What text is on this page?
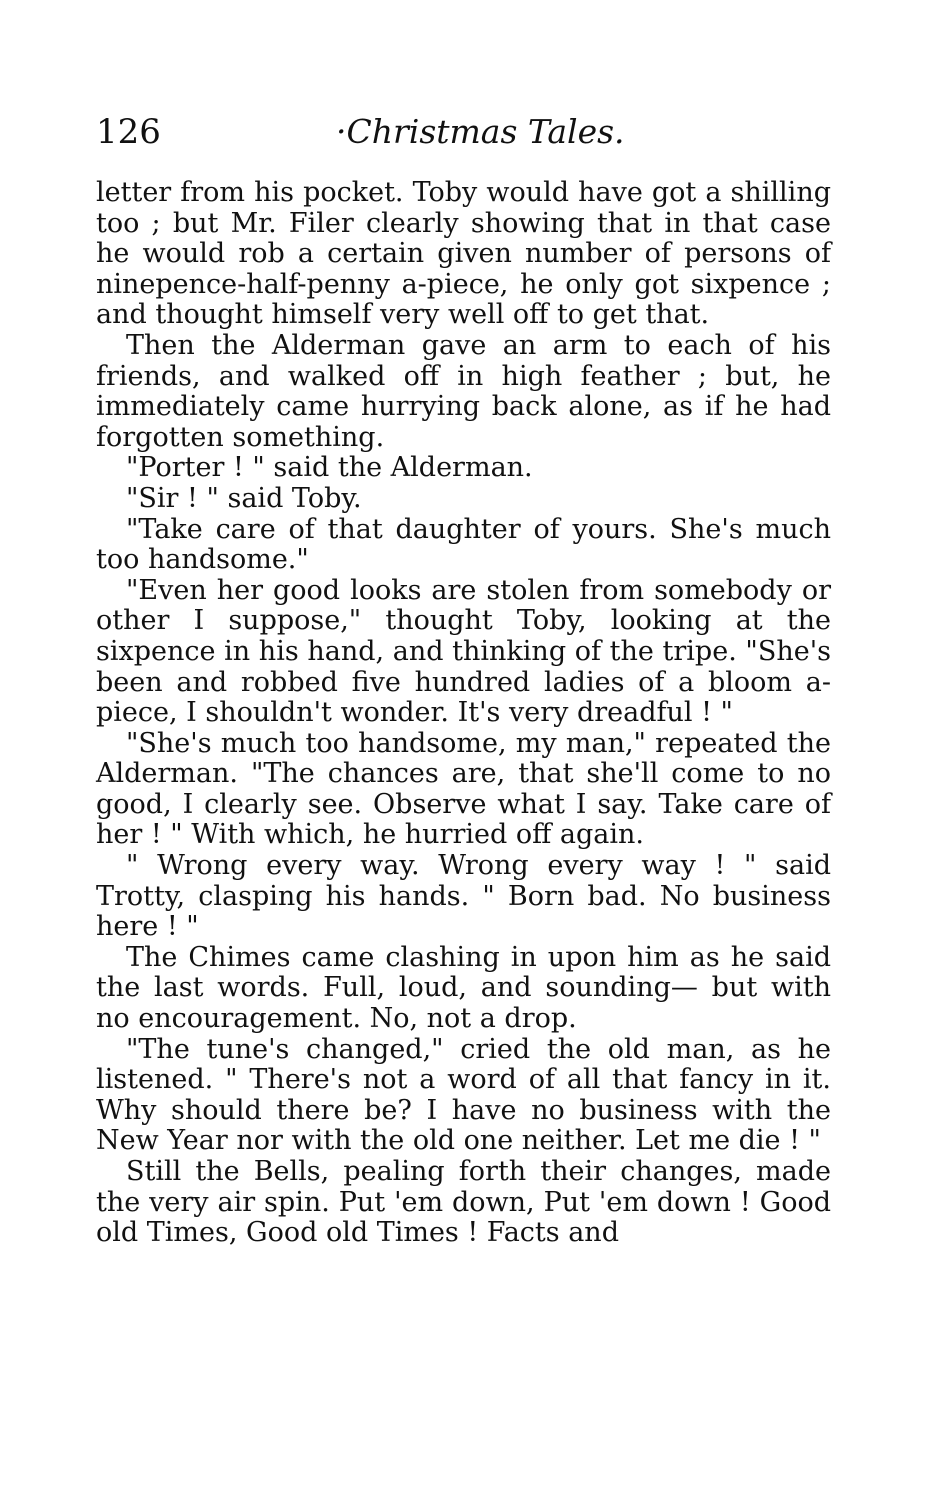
126	·Christmas Tales.

letter from his pocket. Toby would have got a shilling too ; but Mr. Filer clearly showing that in that case he would rob a certain given number of persons of ninepence-half-penny a-piece, he only got sixpence ; and thought himself very well off to get that.

Then the Alderman gave an arm to each of his friends, and walked off in high feather ; but, he immediately came hurrying back alone, as if he had forgotten something.

"Porter ! " said the Alderman.

"Sir ! " said Toby.

"Take care of that daughter of yours. She's much too handsome."

"Even her good looks are stolen from somebody or other I suppose," thought Toby, looking at the sixpence in his hand, and thinking of the tripe. "She's been and robbed five hundred ladies of a bloom a-piece, I shouldn't wonder. It's very dreadful ! "

"She's much too handsome, my man," repeated the Alderman. "The chances are, that she'll come to no good, I clearly see. Observe what I say. Take care of her ! " With which, he hurried off again.

" Wrong every way. Wrong every way ! " said Trotty, clasping his hands. " Born bad. No business here ! "

The Chimes came clashing in upon him as he said the last words. Full, loud, and sounding— but with no encouragement. No, not a drop.

"The tune's changed," cried the old man, as he listened. " There's not a word of all that fancy in it. Why should there be? I have no business with the New Year nor with the old one neither. Let me die ! "

Still the Bells, pealing forth their changes, made the very air spin. Put 'em down, Put 'em down ! Good old Times, Good old Times ! Facts and
